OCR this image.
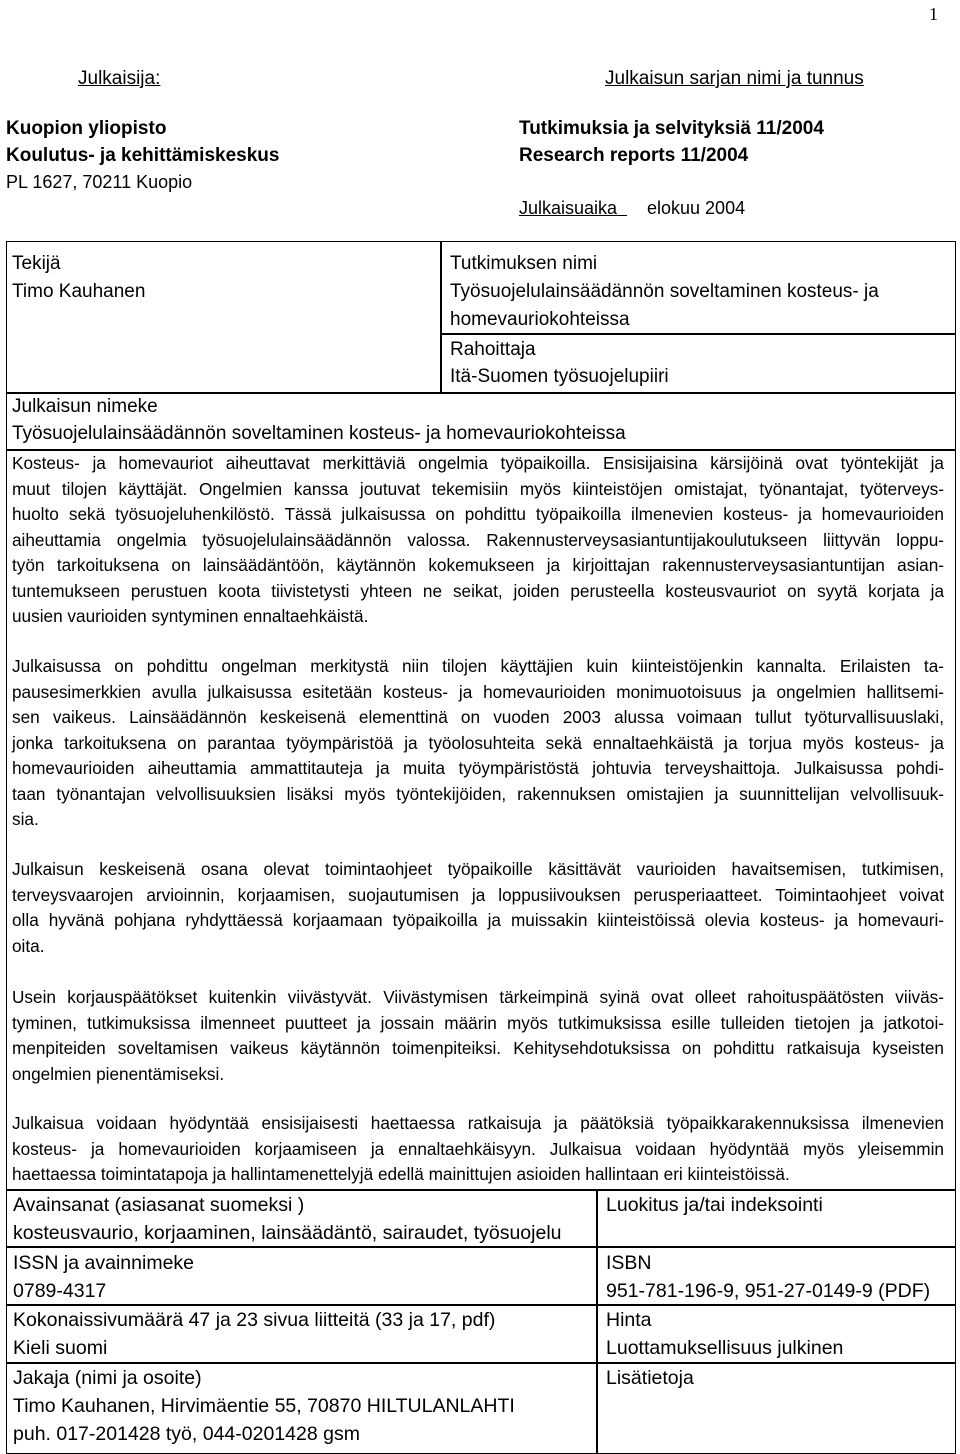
1
Julkaisija:	Julkaisun sarjan nimi ja tunnus
Kuopion yliopisto
Koulutus- ja kehittämiskeskus
PL 1627, 70211 Kuopio
Tutkimuksia ja selvityksiä 11/2004
Research reports 11/2004
Julkaisuaika	elokuu 2004
Tekijä
Timo Kauhanen
Tutkimuksen nimi
Työsuojelulainsäädännön soveltaminen kosteus- ja
homevauriokohteissa
Rahoittaja
Itä-Suomen työsuojelupiiri
Julkaisun nimeke
Työsuojelulainsäädännön soveltaminen kosteus- ja homevauriokohteissa
Kosteus- ja homevauriot aiheuttavat merkittäviä ongelmia työpaikoilla. Ensisijaisina kärsijöinä ovat työntekijät ja
muut tilojen käyttäjät. Ongelmien kanssa joutuvat tekemisiin myös kiinteistöjen omistajat, työnantajat, työterveys-
huolto sekä työsuojeluhenkilöstö. Tässä julkaisussa on pohdittu työpaikoilla ilmenevien kosteus- ja homevaurioiden
aiheuttamia ongelmia työsuojelulainsäädännön valossa. Rakennusterveysasiantuntijakoulutukseen liittyvän loppu-
työn tarkoituksena on lainsäädäntöön, käytännön kokemukseen ja kirjoittajan rakennusterveysasiantuntijan asian-
tuntemukseen perustuen koota tiivistetysti yhteen ne seikat, joiden perusteella kosteusvauriot on syytä korjata ja
uusien vaurioiden syntyminen ennaltaehkäistä.
Julkaisussa on pohdittu ongelman merkitystä niin tilojen käyttäjien kuin kiinteistöjenkin kannalta. Erilaisten ta-
pausesimerkkien avulla julkaisussa esitetään kosteus- ja homevaurioiden monimuotoisuus ja ongelmien hallitsemi-
sen vaikeus. Lainsäädännön keskeisenä elementtinä on vuoden 2003 alussa voimaan tullut työturvallisuuslaki,
jonka tarkoituksena on parantaa työympäristöä ja työolosuhteita sekä ennaltaehkäistä ja torjua myös kosteus- ja
homevaurioiden aiheuttamia ammattitauteja ja muita työympäristöstä johtuvia terveyshaittoja. Julkaisussa pohdi-
taan työnantajan velvollisuuksien lisäksi myös työntekijöiden, rakennuksen omistajien ja suunnittelijan velvollisuuk-
sia.
Julkaisun keskeisenä osana olevat toimintaohjeet työpaikoille käsittävät vaurioiden havaitsemisen, tutkimisen,
terveysvaarojen arvioinnin, korjaamisen, suojautumisen ja loppusiivouksen perusperiaatteet. Toimintaohjeet voivat
olla hyvänä pohjana ryhdyttäessä korjaamaan työpaikoilla ja muissakin kiinteistöissä olevia kosteus- ja homevauri-
oita.
Usein korjauspäätökset kuitenkin viivästyvät. Viivästymisen tärkeimpinä syinä ovat olleet rahoituspäätösten viiväs-
tyminen, tutkimuksissa ilmenneet puutteet ja jossain määrin myös tutkimuksissa esille tulleiden tietojen ja jatkotoi-
menpiteiden soveltamisen vaikeus käytännön toimenpiteiksi. Kehitysehdotuksissa on pohdittu ratkaisuja kyseisten
ongelmien pienentämiseksi.
Julkaisua voidaan hyödyntää ensisijaisesti haettaessa ratkaisuja ja päätöksiä työpaikkarakennuksissa ilmenevien
kosteus- ja homevaurioiden korjaamiseen ja ennaltaehkäisyyn. Julkaisua voidaan hyödyntää myös yleisemmin
haettaessa toimintatapoja ja hallintamenettelyjä edellä mainittujen asioiden hallintaan eri kiinteistöissä.
Avainsanat (asiasanat suomeksi )
kosteusvaurio, korjaaminen, lainsäädäntö, sairaudet, työsuojelu
Luokitus ja/tai indeksointi
ISSN ja avainnimeke
0789-4317
ISBN
951-781-196-9, 951-27-0149-9 (PDF)
Kokonaissivumäärä 47 ja 23 sivua liitteitä (33 ja 17, pdf)
Kieli suomi
Hinta
Luottamuksellisuus julkinen
Jakaja (nimi ja osoite)
Timo Kauhanen, Hirvimäentie 55, 70870 HILTULANLAHTI
puh. 017-201428 työ, 044-0201428 gsm
Lisätietoja
